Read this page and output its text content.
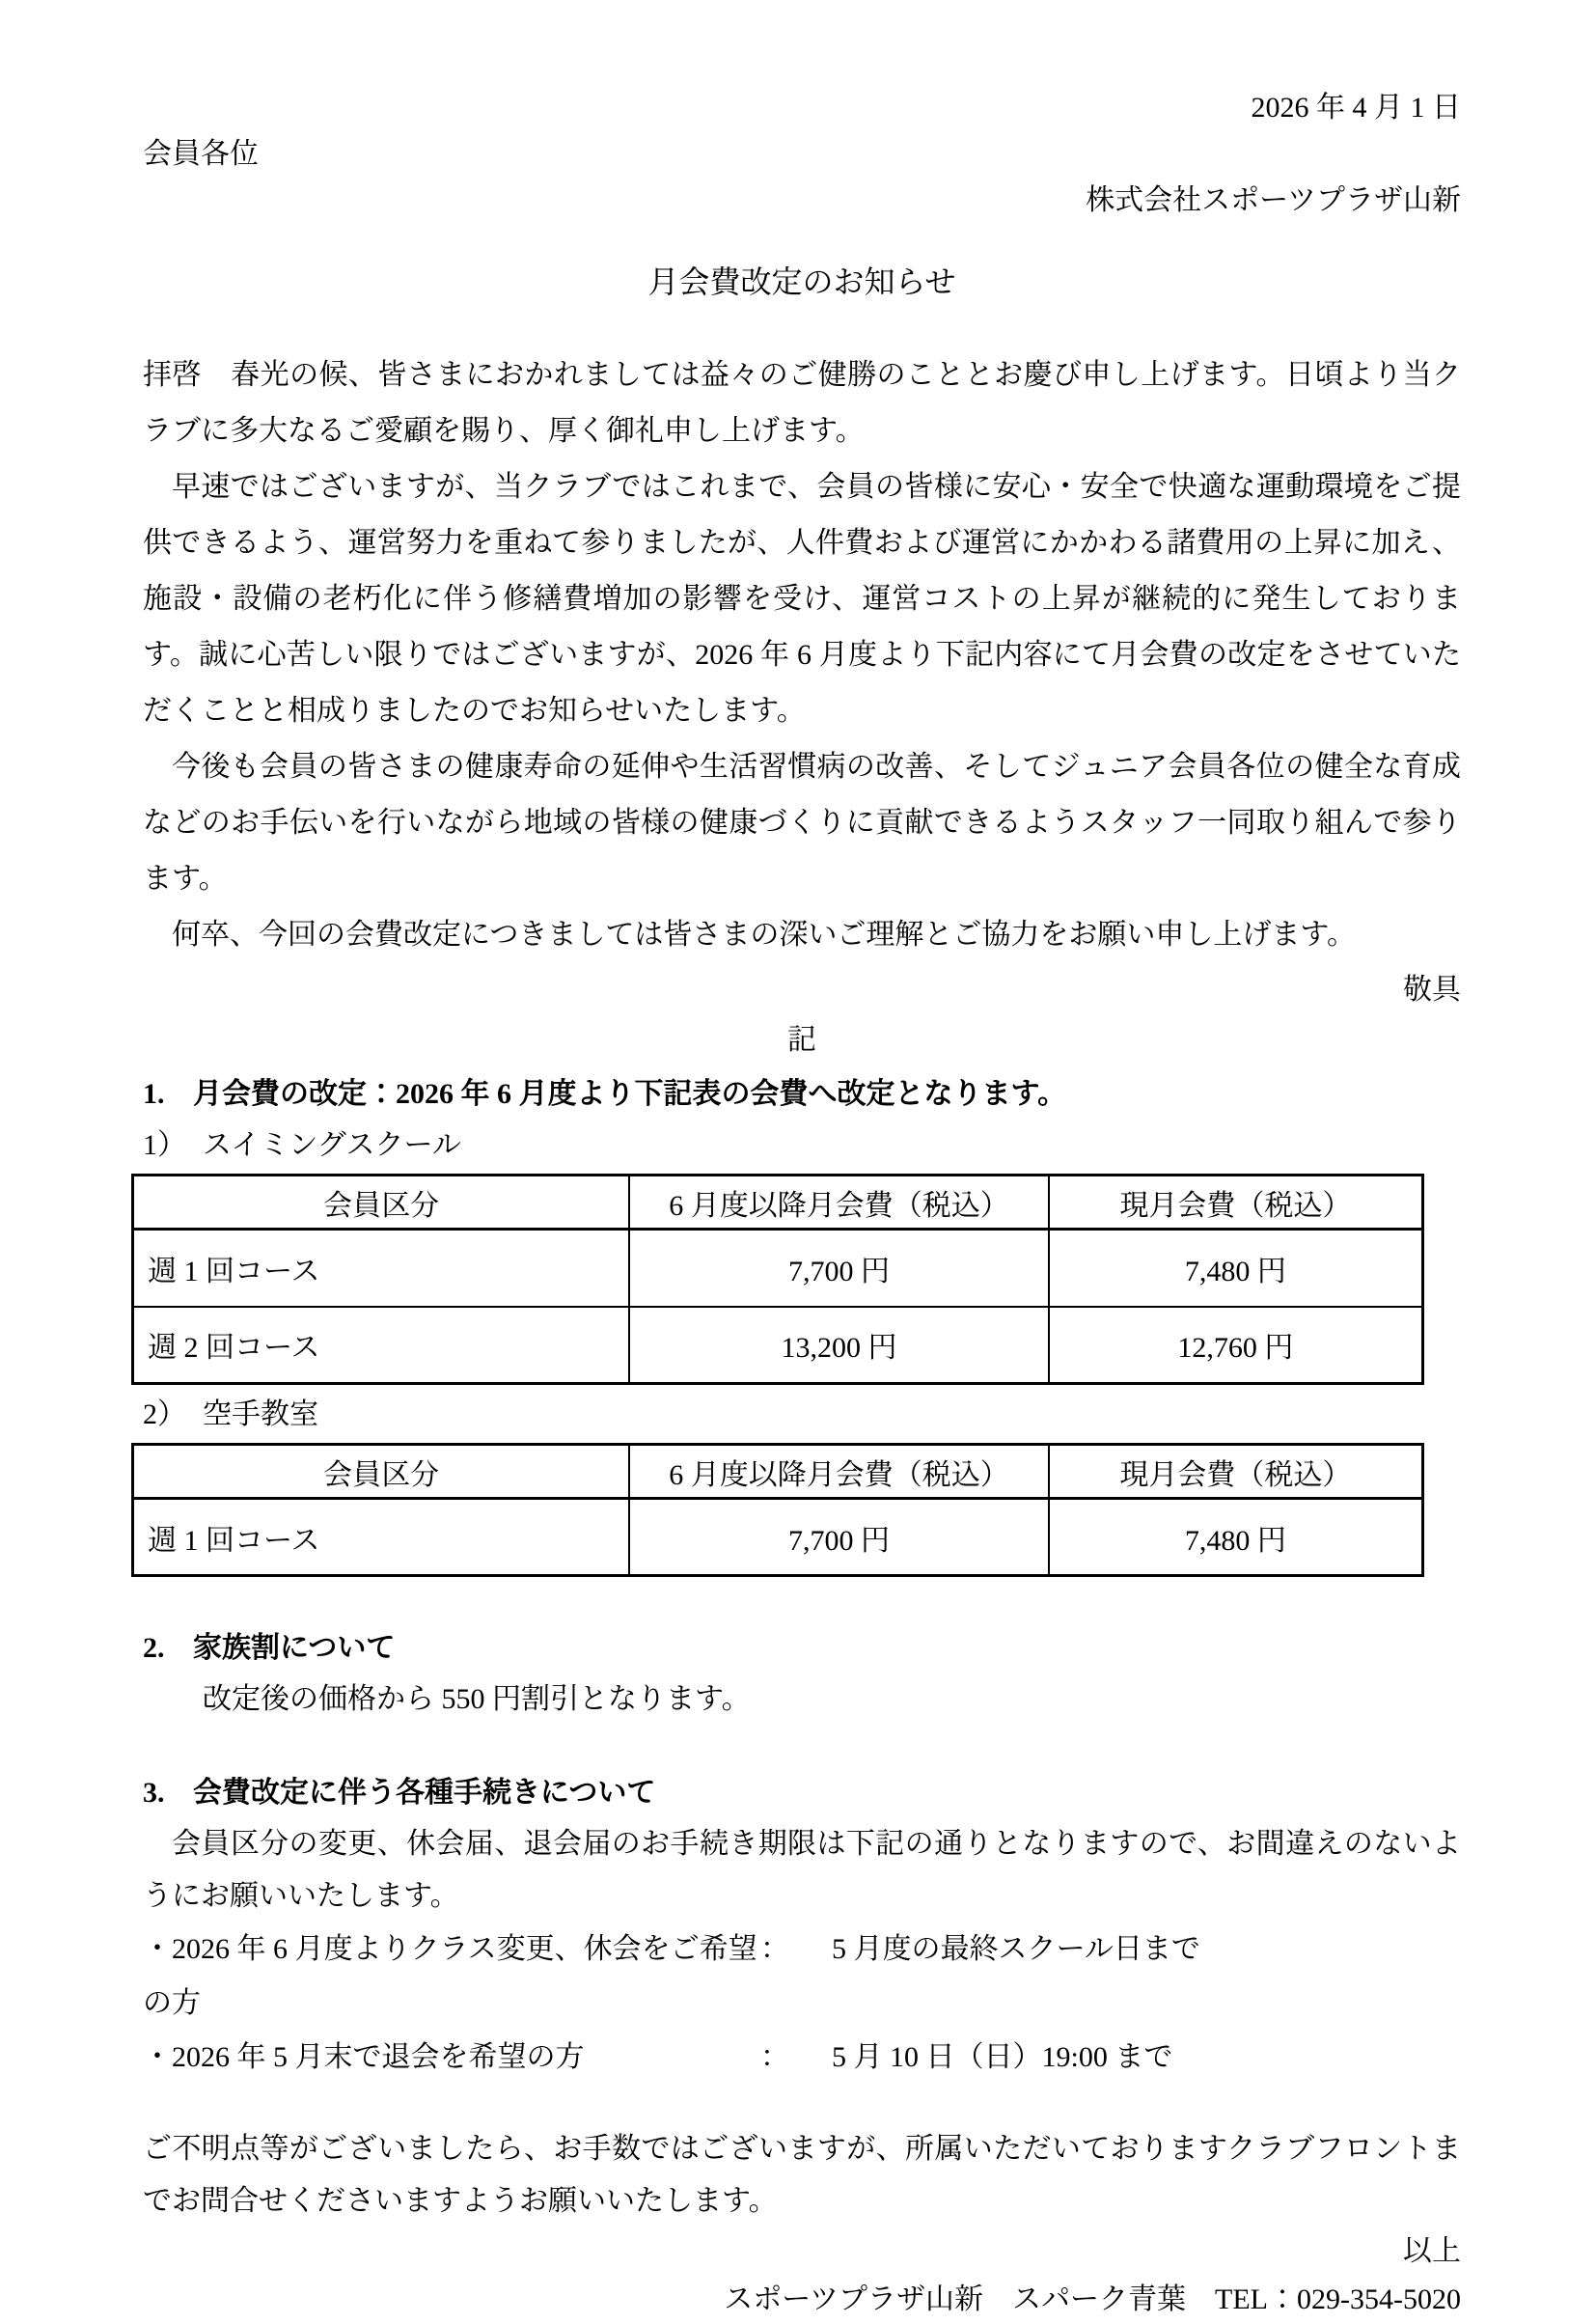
2026 年 4 月 1 日
会員各位
株式会社スポーツプラザ山新
月会費改定のお知らせ
拝啓　春光の候、皆さまにおかれましては益々のご健勝のこととお慶び申し上げます。日頃より当クラブに多大なるご愛顧を賜り、厚く御礼申し上げます。
早速ではございますが、当クラブではこれまで、会員の皆様に安心・安全で快適な運動環境をご提供できるよう、運営努力を重ねて参りましたが、人件費および運営にかかわる諸費用の上昇に加え、施設・設備の老朽化に伴う修繕費増加の影響を受け、運営コストの上昇が継続的に発生しております。誠に心苦しい限りではございますが、2026 年 6 月度より下記内容にて月会費の改定をさせていただくことと相成りましたのでお知らせいたします。
今後も会員の皆さまの健康寿命の延伸や生活習慣病の改善、そしてジュニア会員各位の健全な育成などのお手伝いを行いながら地域の皆様の健康づくりに貢献できるようスタッフ一同取り組んで参ります。
何卒、今回の会費改定につきましては皆さまの深いご理解とご協力をお願い申し上げます。
敬具
記
1. 月会費の改定：2026 年 6 月度より下記表の会費へ改定となります。
1） スイミングスクール
会員区分	6 月度以降月会費（税込）	現月会費（税込）
週 1 回コース	7,700 円	7,480 円
週 2 回コース	13,200 円	12,760 円
2） 空手教室
会員区分	6 月度以降月会費（税込）	現月会費（税込）
週 1 回コース	7,700 円	7,480 円
2. 家族割について
改定後の価格から 550 円割引となります。
3. 会費改定に伴う各種手続きについて
会員区分の変更、休会届、退会届のお手続き期限は下記の通りとなりますので、お間違えのないようにお願いいたします。
・2026 年 6 月度よりクラス変更、休会をご希望の方
： 5 月度の最終スクール日まで
・2026 年 5 月末で退会を希望の方	： 5 月 10 日（日）19:00 まで
ご不明点等がございましたら、お手数ではございますが、所属いただいておりますクラブフロントまでお問合せくださいますようお願いいたします。
以上
スポーツプラザ山新　スパーク青葉　TEL：029-354-5020
